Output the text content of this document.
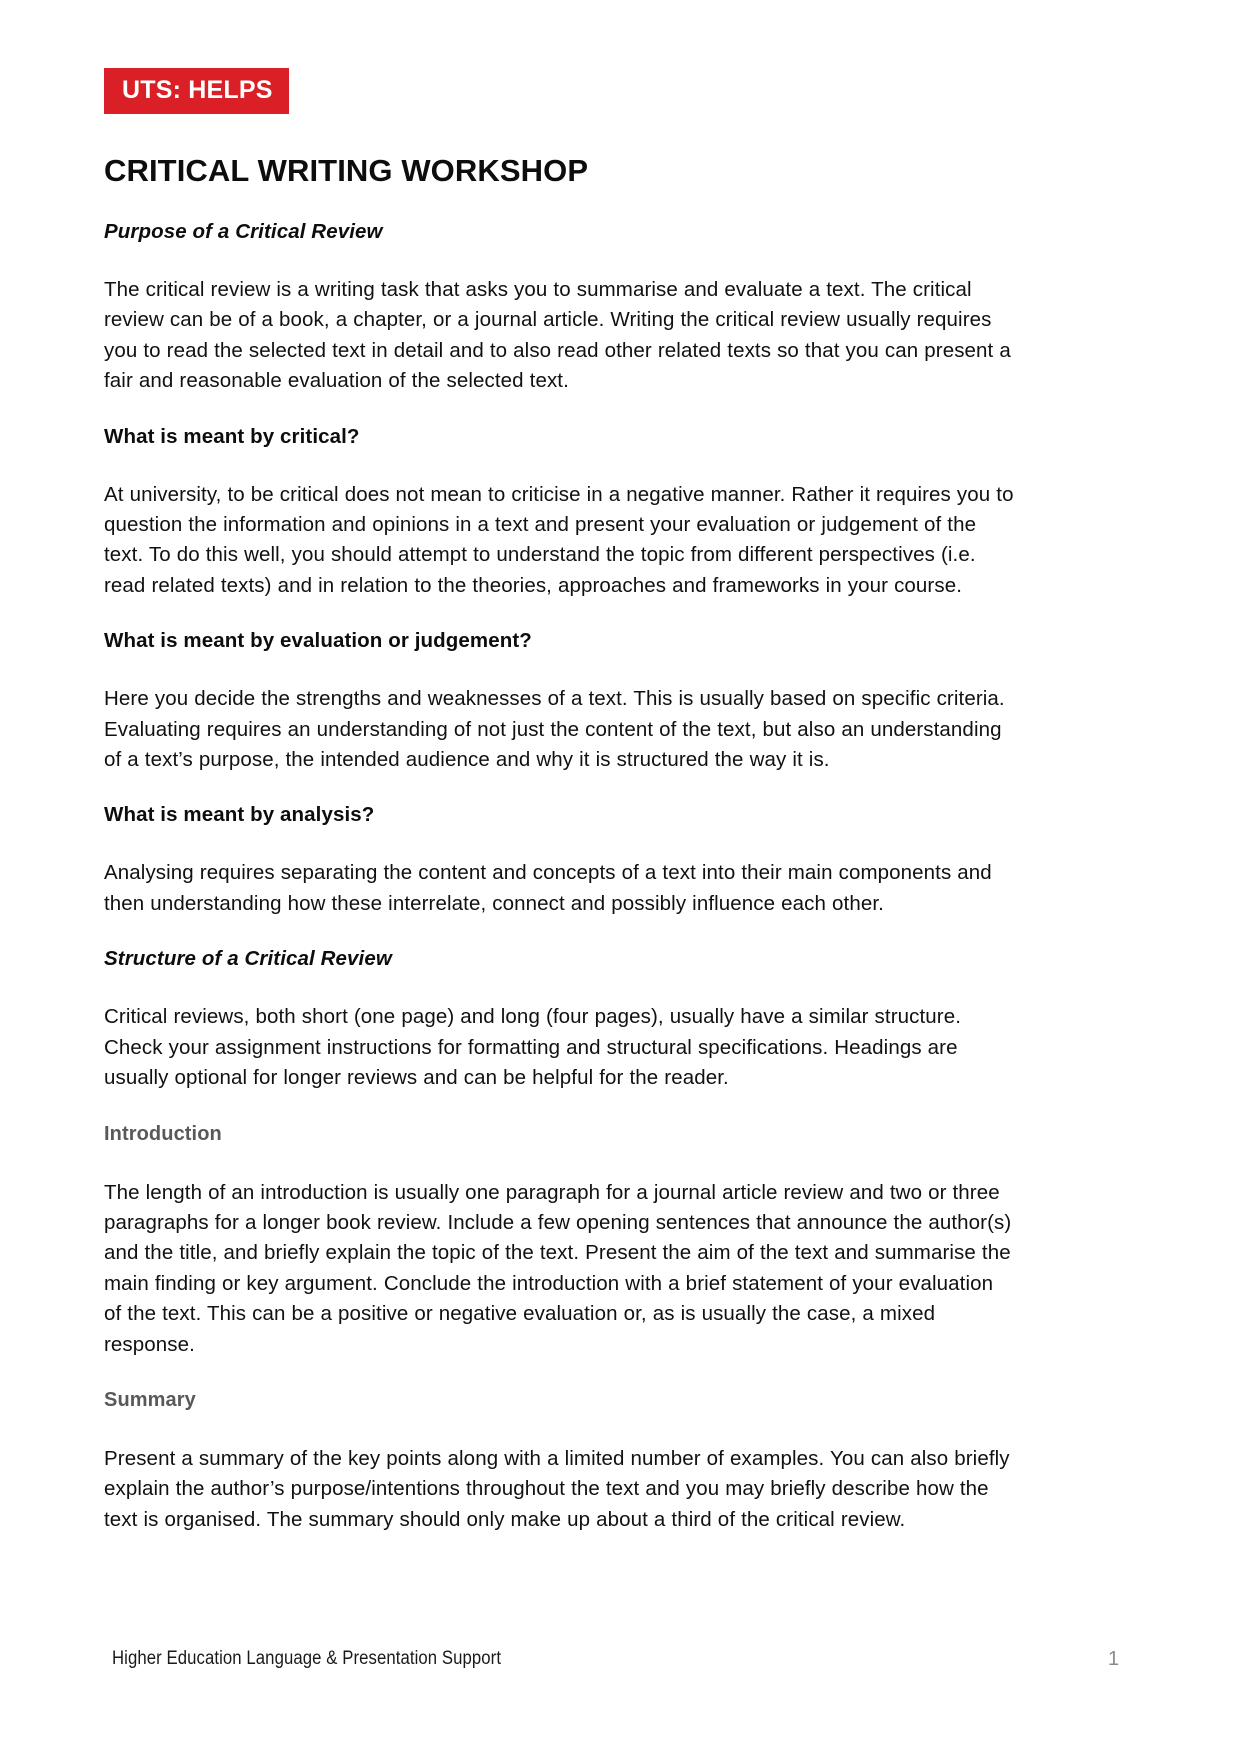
UTS: HELPS
CRITICAL WRITING WORKSHOP
Purpose of a Critical Review

The critical review is a writing task that asks you to summarise and evaluate a text. The critical review can be of a book, a chapter, or a journal article. Writing the critical review usually requires you to read the selected text in detail and to also read other related texts so that you can present a fair and reasonable evaluation of the selected text.

What is meant by critical?

At university, to be critical does not mean to criticise in a negative manner. Rather it requires you to question the information and opinions in a text and present your evaluation or judgement of the text. To do this well, you should attempt to understand the topic from different perspectives (i.e. read related texts) and in relation to the theories, approaches and frameworks in your course.

What is meant by evaluation or judgement?

Here you decide the strengths and weaknesses of a text. This is usually based on specific criteria. Evaluating requires an understanding of not just the content of the text, but also an understanding of a text’s purpose, the intended audience and why it is structured the way it is.

What is meant by analysis?

Analysing requires separating the content and concepts of a text into their main components and then understanding how these interrelate, connect and possibly influence each other.

Structure of a Critical Review

Critical reviews, both short (one page) and long (four pages), usually have a similar structure. Check your assignment instructions for formatting and structural specifications. Headings are usually optional for longer reviews and can be helpful for the reader.

Introduction

The length of an introduction is usually one paragraph for a journal article review and two or three paragraphs for a longer book review. Include a few opening sentences that announce the author(s) and the title, and briefly explain the topic of the text. Present the aim of the text and summarise the main finding or key argument. Conclude the introduction with a brief statement of your evaluation of the text. This can be a positive or negative evaluation or, as is usually the case, a mixed response.

Summary

Present a summary of the key points along with a limited number of examples. You can also briefly explain the author’s purpose/intentions throughout the text and you may briefly describe how the text is organised. The summary should only make up about a third of the critical review.

Higher Education Language & Presentation Support	1
